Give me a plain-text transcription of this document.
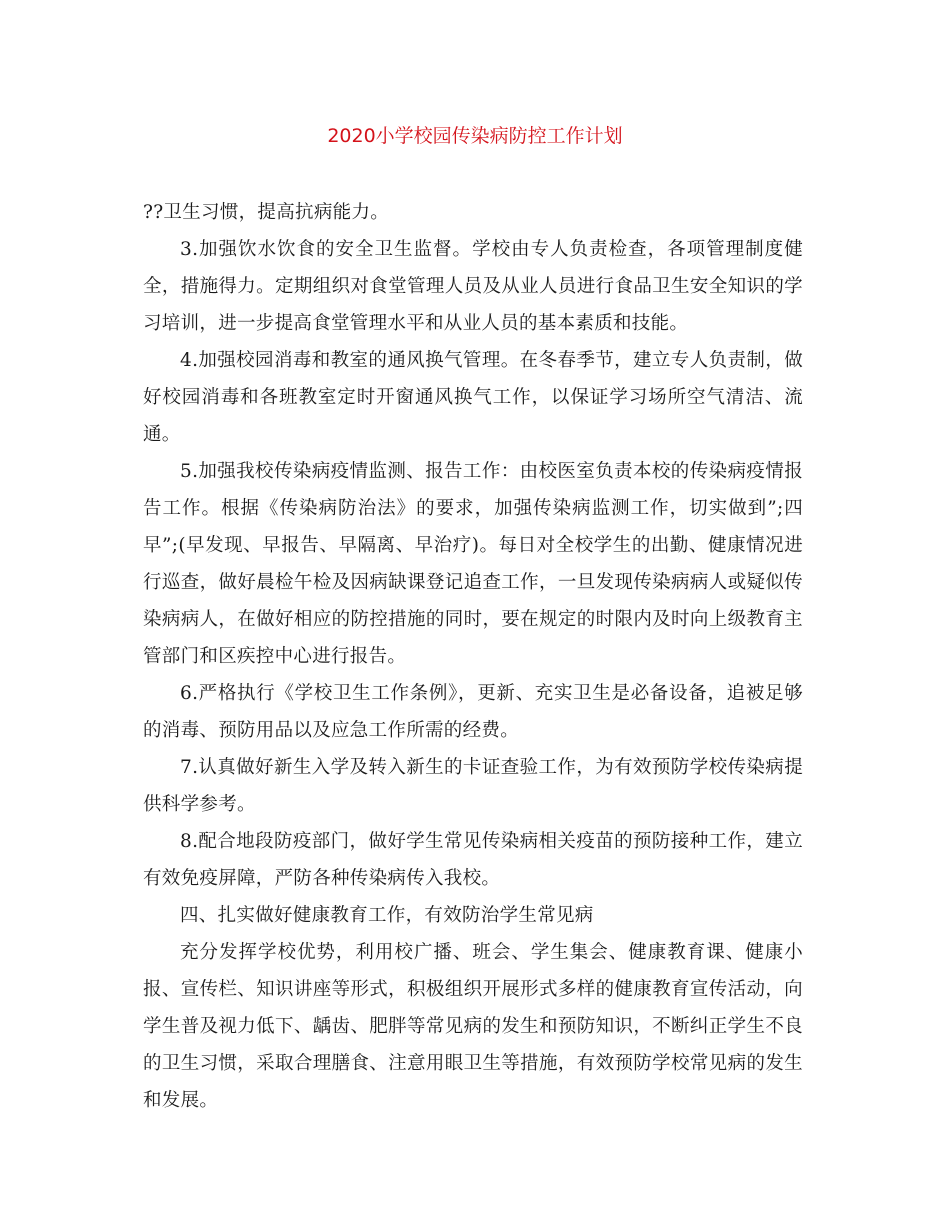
2020小学校园传染病防控工作计划

??卫生习惯，提高抗病能力。

3.加强饮水饮食的安全卫生监督。学校由专人负责检查，各项管理制度健全，措施得力。定期组织对食堂管理人员及从业人员进行食品卫生安全知识的学习培训，进一步提高食堂管理水平和从业人员的基本素质和技能。

4.加强校园消毒和教室的通风换气管理。在冬春季节，建立专人负责制，做好校园消毒和各班教室定时开窗通风换气工作，以保证学习场所空气清洁、流通。

5.加强我校传染病疫情监测、报告工作：由校医室负责本校的传染病疫情报告工作。根据《传染病防治法》的要求，加强传染病监测工作，切实做到”;四早”;(早发现、早报告、早隔离、早治疗)。每日对全校学生的出勤、健康情况进行巡查，做好晨检午检及因病缺课登记追查工作，一旦发现传染病病人或疑似传染病病人，在做好相应的防控措施的同时，要在规定的时限内及时向上级教育主管部门和区疾控中心进行报告。

6.严格执行《学校卫生工作条例》，更新、充实卫生是必备设备，追被足够的消毒、预防用品以及应急工作所需的经费。

7.认真做好新生入学及转入新生的卡证查验工作，为有效预防学校传染病提供科学参考。

8.配合地段防疫部门，做好学生常见传染病相关疫苗的预防接种工作，建立有效免疫屏障，严防各种传染病传入我校。

四、扎实做好健康教育工作，有效防治学生常见病

充分发挥学校优势，利用校广播、班会、学生集会、健康教育课、健康小报、宣传栏、知识讲座等形式，积极组织开展形式多样的健康教育宣传活动，向学生普及视力低下、龋齿、肥胖等常见病的发生和预防知识，不断纠正学生不良的卫生习惯，采取合理膳食、注意用眼卫生等措施，有效预防学校常见病的发生和发展。
